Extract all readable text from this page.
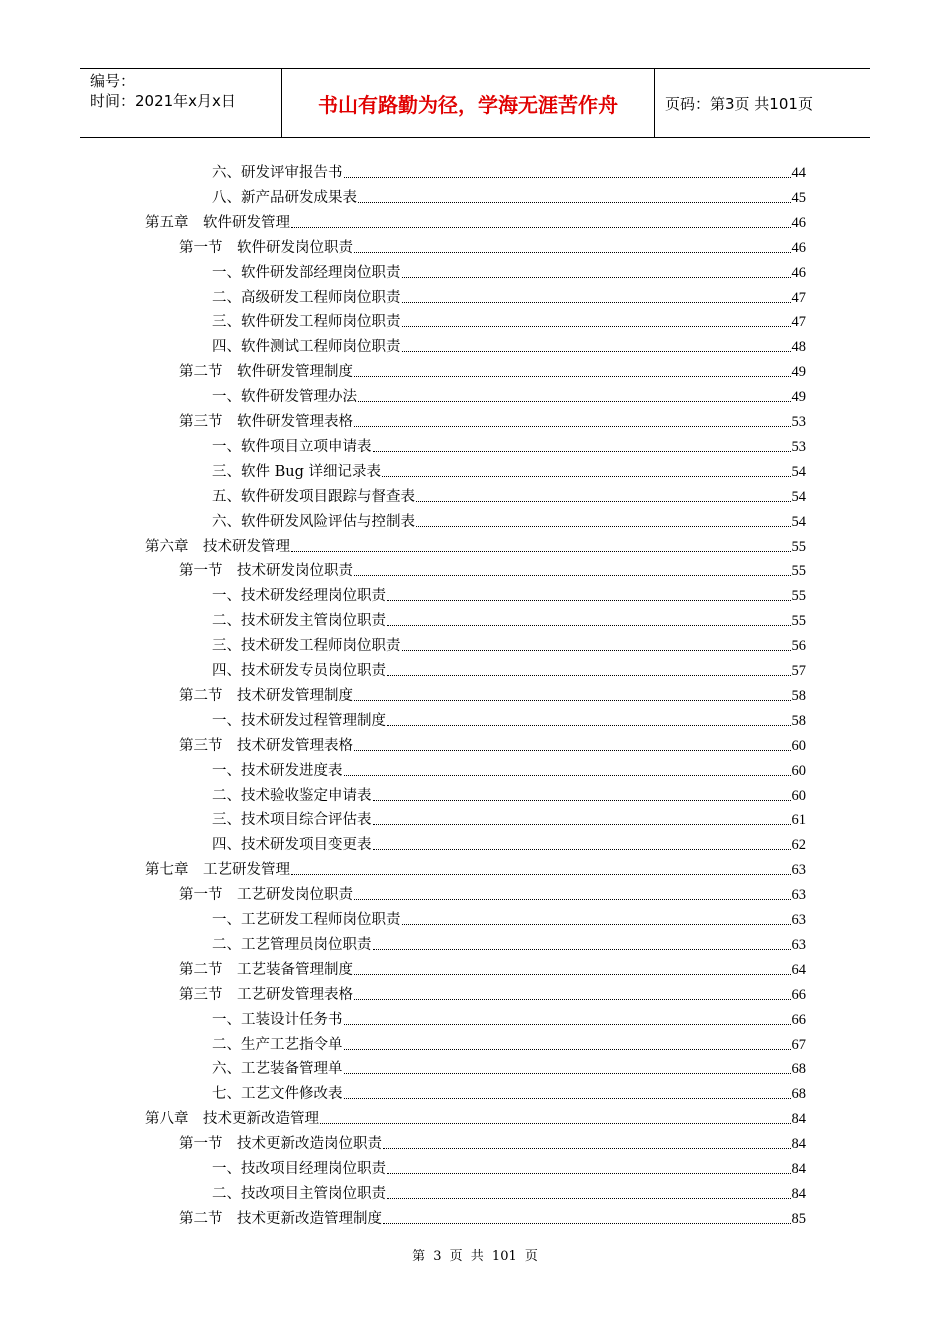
编号：
时间：2021年x月x日	书山有路勤为径，学海无涯苦作舟	页码：第3页 共101页
六、研发评审报告书	44
八、新产品研发成果表	45
第五章　软件研发管理	46
第一节　软件研发岗位职责	46
一、软件研发部经理岗位职责	46
二、高级研发工程师岗位职责	47
三、软件研发工程师岗位职责	47
四、软件测试工程师岗位职责	48
第二节　软件研发管理制度	49
一、软件研发管理办法	49
第三节　软件研发管理表格	53
一、软件项目立项申请表	53
三、软件 Bug 详细记录表	54
五、软件研发项目跟踪与督查表	54
六、软件研发风险评估与控制表	54
第六章　技术研发管理	55
第一节　技术研发岗位职责	55
一、技术研发经理岗位职责	55
二、技术研发主管岗位职责	55
三、技术研发工程师岗位职责	56
四、技术研发专员岗位职责	57
第二节　技术研发管理制度	58
一、技术研发过程管理制度	58
第三节　技术研发管理表格	60
一、技术研发进度表	60
二、技术验收鉴定申请表	60
三、技术项目综合评估表	61
四、技术研发项目变更表	62
第七章　工艺研发管理	63
第一节　工艺研发岗位职责	63
一、工艺研发工程师岗位职责	63
二、工艺管理员岗位职责	63
第二节　工艺装备管理制度	64
第三节　工艺研发管理表格	66
一、工装设计任务书	66
二、生产工艺指令单	67
六、工艺装备管理单	68
七、工艺文件修改表	68
第八章　技术更新改造管理	84
第一节　技术更新改造岗位职责	84
一、技改项目经理岗位职责	84
二、技改项目主管岗位职责	84
第二节　技术更新改造管理制度	85
第 3 页 共 101 页
